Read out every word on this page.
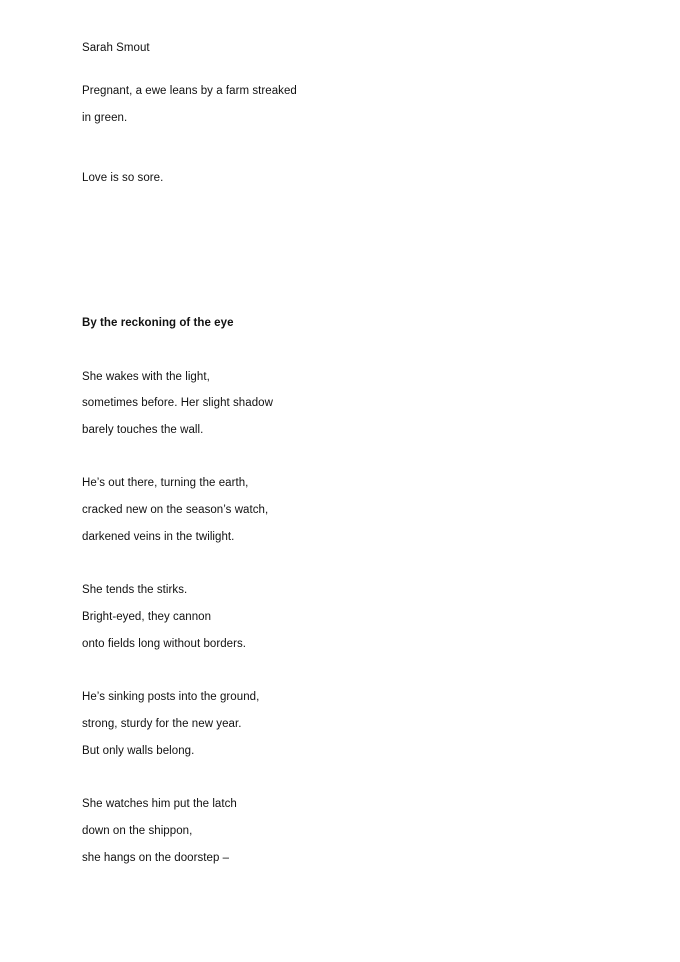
Sarah Smout
Pregnant, a ewe leans by a farm streaked
in green.
Love is so sore.
By the reckoning of the eye
She wakes with the light,
sometimes before. Her slight shadow
barely touches the wall.
He’s out there, turning the earth,
cracked new on the season’s watch,
darkened veins in the twilight.
She tends the stirks.
Bright-eyed, they cannon
onto fields long without borders.
He’s sinking posts into the ground,
strong, sturdy for the new year.
But only walls belong.
She watches him put the latch
down on the shippon,
she hangs on the doorstep –
